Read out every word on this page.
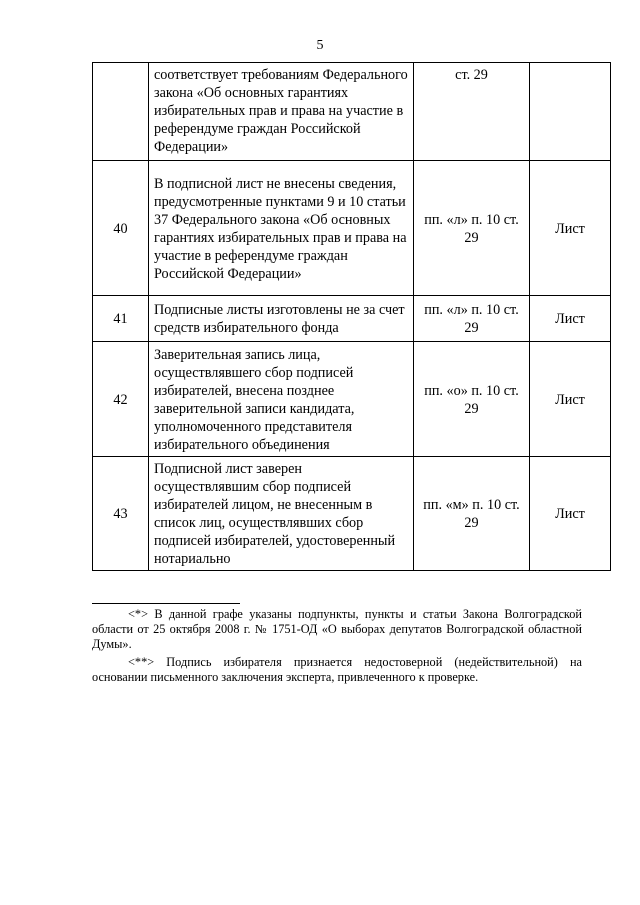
5
	соответствует требованиям Федерального закона «Об основных гарантиях избирательных прав и права на участие в референдуме граждан Российской Федерации»	ст. 29	
40	В подписной лист не внесены сведения, предусмотренные пунктами 9 и 10 статьи 37 Федерального закона «Об основных гарантиях избирательных прав и права на участие в референдуме граждан Российской Федерации»	пп. «л» п. 10 ст. 29	Лист
41	Подписные листы изготовлены не за счет средств избирательного фонда	пп. «л» п. 10 ст. 29	Лист
42	Заверительная запись лица, осуществлявшего сбор подписей избирателей, внесена позднее заверительной записи кандидата, уполномоченного представителя избирательного объединения	пп. «о» п. 10 ст. 29	Лист
43	Подписной лист заверен осуществлявшим сбор подписей избирателей лицом, не внесенным в список лиц, осуществлявших сбор подписей избирателей, удостоверенный нотариально	пп. «м» п. 10 ст. 29	Лист

<*> В данной графе указаны подпункты, пункты и статьи Закона Волгоградской области от 25 октября 2008 г. № 1751-ОД «О выборах депутатов Волгоградской областной Думы».

<**> Подпись избирателя признается недостоверной (недействительной) на основании письменного заключения эксперта, привлеченного к проверке.
